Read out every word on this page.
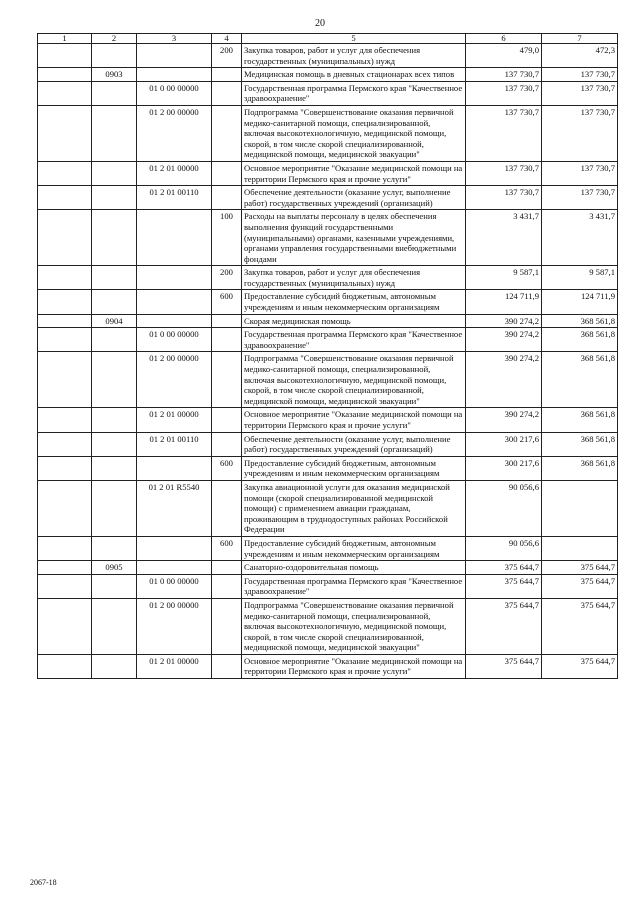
20
1	2	3	4	5	6	7
			200	Закупка товаров, работ и услуг для обеспечения государственных (муниципальных) нужд	479,0	472,3
	0903			Медицинская помощь в дневных стационарах всех типов	137 730,7	137 730,7
		01 0 00 00000		Государственная программа Пермского края "Качественное здравоохранение"	137 730,7	137 730,7
		01 2 00 00000		Подпрограмма "Совершенствование оказания первичной медико-санитарной помощи, специализированной, включая высокотехнологичную, медицинской помощи, скорой, в том числе скорой специализированной, медицинской помощи, медицинской эвакуации"	137 730,7	137 730,7
		01 2 01 00000		Основное мероприятие "Оказание медицинской помощи на территории Пермского края и прочие услуги"	137 730,7	137 730,7
		01 2 01 00110		Обеспечение деятельности (оказание услуг, выполнение работ) государственных учреждений (организаций)	137 730,7	137 730,7
			100	Расходы на выплаты персоналу в целях обеспечения выполнения функций государственными (муниципальными) органами, казенными учреждениями, органами управления государственными внебюджетными фондами	3 431,7	3 431,7
			200	Закупка товаров, работ и услуг для обеспечения государственных (муниципальных) нужд	9 587,1	9 587,1
			600	Предоставление субсидий бюджетным, автономным учреждениям и иным некоммерческим организациям	124 711,9	124 711,9
	0904			Скорая медицинская помощь	390 274,2	368 561,8
		01 0 00 00000		Государственная программа Пермского края "Качественное здравоохранение"	390 274,2	368 561,8
		01 2 00 00000		Подпрограмма "Совершенствование оказания первичной медико-санитарной помощи, специализированной, включая высокотехнологичную, медицинской помощи, скорой, в том числе скорой специализированной, медицинской помощи, медицинской эвакуации"	390 274,2	368 561,8
		01 2 01 00000		Основное мероприятие "Оказание медицинской помощи на территории Пермского края и прочие услуги"	390 274,2	368 561,8
		01 2 01 00110		Обеспечение деятельности (оказание услуг, выполнение работ) государственных учреждений (организаций)	300 217,6	368 561,8
			600	Предоставление субсидий бюджетным, автономным учреждениям и иным некоммерческим организациям	300 217,6	368 561,8
		01 2 01 R5540		Закупка авиационной услуги для оказания медицинской помощи (скорой специализированной медицинской помощи) с применением авиации гражданам, проживающим в труднодоступных районах Российской Федерации	90 056,6	
			600	Предоставление субсидий бюджетным, автономным учреждениям и иным некоммерческим организациям	90 056,6	
	0905			Санаторно-оздоровительная помощь	375 644,7	375 644,7
		01 0 00 00000		Государственная программа Пермского края "Качественное здравоохранение"	375 644,7	375 644,7
		01 2 00 00000		Подпрограмма "Совершенствование оказания первичной медико-санитарной помощи, специализированной, включая высокотехнологичную, медицинской помощи, скорой, в том числе скорой специализированной, медицинской помощи, медицинской эвакуации"	375 644,7	375 644,7
		01 2 01 00000		Основное мероприятие "Оказание медицинской помощи на территории Пермского края и прочие услуги"	375 644,7	375 644,7
2067-18
